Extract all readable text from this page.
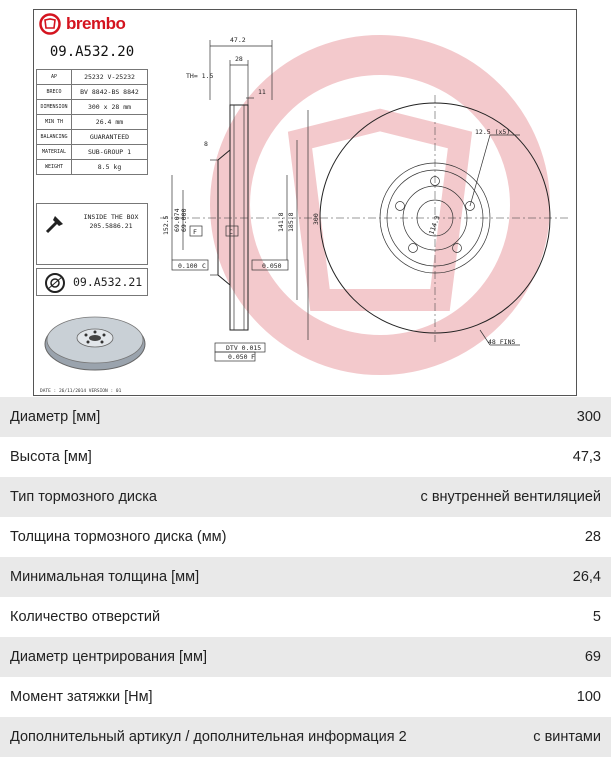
brembo
09.A532.20
AP	25232 V-25232
BRECO	BV 8842-BS 8842
DIMENSION	300 x 28 mm
MIN TH	26.4 mm
BALANCING	GUARANTEED
MATERIAL	SUB-GROUP 1
WEIGHT	8.5 kg
INSIDE THE BOX
205.5886.21
09.A532.21
DATE : 26/11/2014 VERSION : 01
47.2
28
TH= 1.5
11
8
152.5 69.074 69.000	141.8 185.8	300
F	C
0.100 C	0.050
DTV 0.015
0.050 F
12.5 (x5)
114.3
48 FINS
Диаметр [мм]	300
Высота [мм]	47,3
Тип тормозного диска	с внутренней вентиляцией
Толщина тормозного диска (мм)	28
Минимальная толщина [мм]	26,4
Количество отверстий	5
Диаметр центрирования [мм]	69
Момент затяжки [Нм]	100
Дополнительный артикул / дополнительная информация 2	с винтами
